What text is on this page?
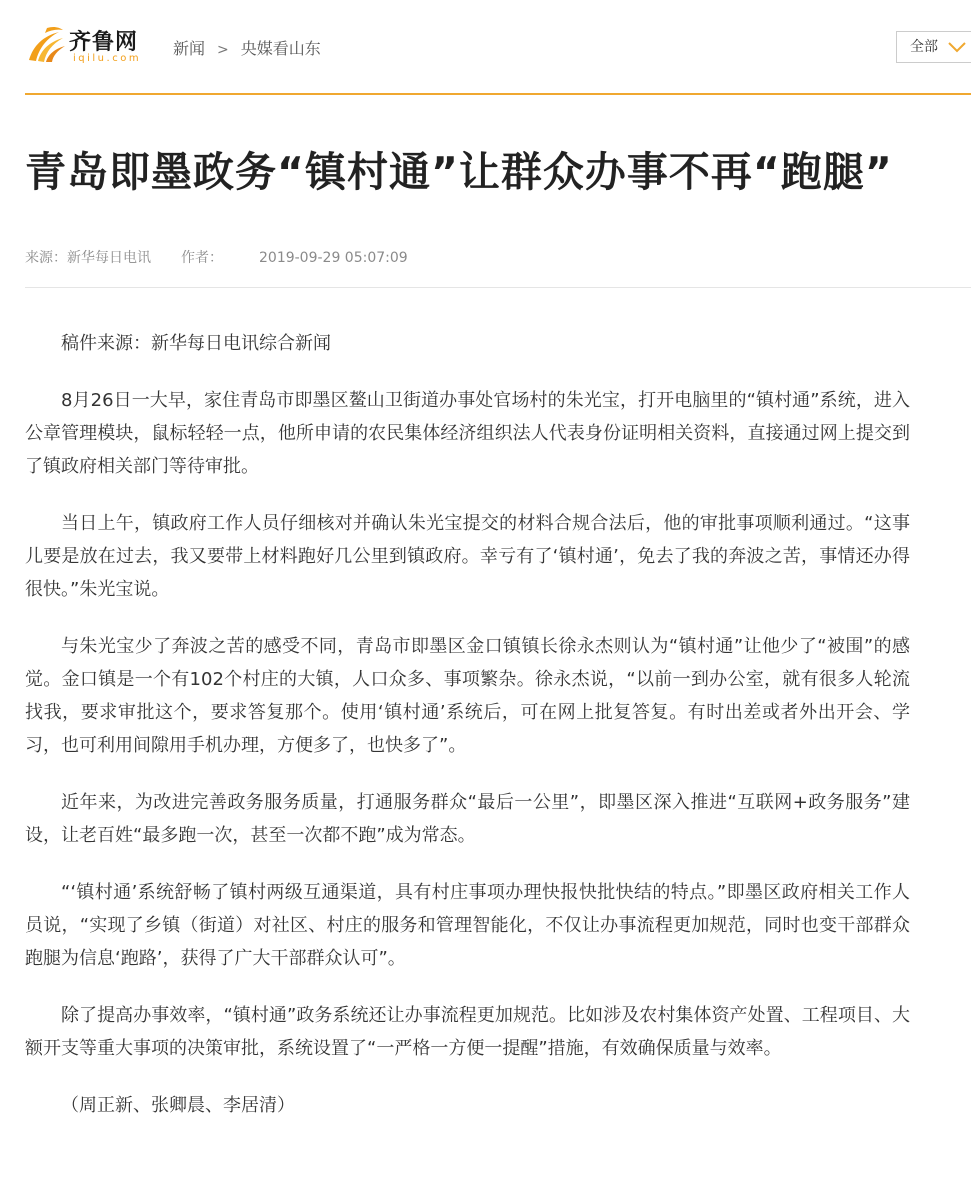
齐鲁网
iqilu.com
新闻 > 央媒看山东	全部
青岛即墨政务“镇村通”让群众办事不再“跑腿”
来源：新华每日电讯 作者：	2019-09-29 05:07:09

稿件来源：新华每日电讯综合新闻

8月26日一大早，家住青岛市即墨区鳌山卫街道办事处官场村的朱光宝，打开电脑里的“镇村通”系统，进入公章管理模块，鼠标轻轻一点，他所申请的农民集体经济组织法人代表身份证明相关资料，直接通过网上提交到了镇政府相关部门等待审批。

当日上午，镇政府工作人员仔细核对并确认朱光宝提交的材料合规合法后，他的审批事项顺利通过。“这事儿要是放在过去，我又要带上材料跑好几公里到镇政府。幸亏有了‘镇村通’，免去了我的奔波之苦，事情还办得很快。”朱光宝说。

与朱光宝少了奔波之苦的感受不同，青岛市即墨区金口镇镇长徐永杰则认为“镇村通”让他少了“被围”的感觉。金口镇是一个有102个村庄的大镇，人口众多、事项繁杂。徐永杰说，“以前一到办公室，就有很多人轮流找我，要求审批这个，要求答复那个。使用‘镇村通’系统后，可在网上批复答复。有时出差或者外出开会、学习，也可利用间隙用手机办理，方便多了，也快多了”。

近年来，为改进完善政务服务质量，打通服务群众“最后一公里”，即墨区深入推进“互联网+政务服务”建设，让老百姓“最多跑一次，甚至一次都不跑”成为常态。

“‘镇村通’系统舒畅了镇村两级互通渠道，具有村庄事项办理快报快批快结的特点。”即墨区政府相关工作人员说，“实现了乡镇（街道）对社区、村庄的服务和管理智能化，不仅让办事流程更加规范，同时也变干部群众跑腿为信息‘跑路’，获得了广大干部群众认可”。

除了提高办事效率，“镇村通”政务系统还让办事流程更加规范。比如涉及农村集体资产处置、工程项目、大额开支等重大事项的决策审批，系统设置了“一严格一方便一提醒”措施，有效确保质量与效率。

（周正新、张卿晨、李居清）
